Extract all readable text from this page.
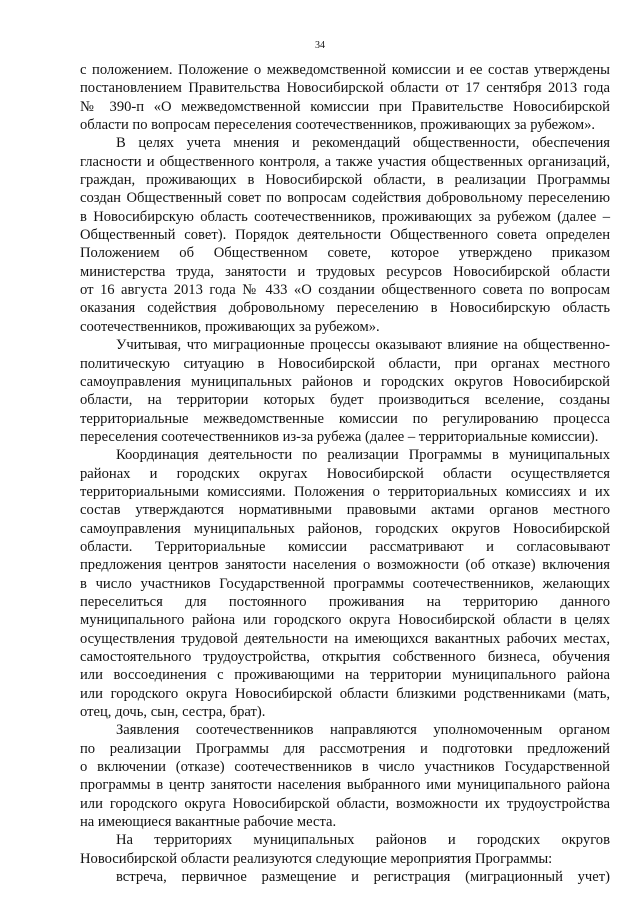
34
с положением. Положение о межведомственной комиссии и ее состав утверждены
постановлением Правительства Новосибирской области от 17 сентября 2013 года
№ 390-п «О межведомственной комиссии при Правительстве Новосибирской
области по вопросам переселения соотечественников, проживающих за рубежом».
В целях учета мнения и рекомендаций общественности, обеспечения
гласности и общественного контроля, а также участия общественных организаций,
граждан, проживающих в Новосибирской области, в реализации Программы
создан Общественный совет по вопросам содействия добровольному переселению
в Новосибирскую область соотечественников, проживающих за рубежом (далее –
Общественный совет). Порядок деятельности Общественного совета определен
Положением об Общественном совете, которое утверждено приказом
министерства труда, занятости и трудовых ресурсов Новосибирской области
от 16 августа 2013 года № 433 «О создании общественного совета по вопросам
оказания содействия добровольному переселению в Новосибирскую область
соотечественников, проживающих за рубежом».
Учитывая, что миграционные процессы оказывают влияние на общественно-
политическую ситуацию в Новосибирской области, при органах местного
самоуправления муниципальных районов и городских округов Новосибирской
области, на территории которых будет производиться вселение, созданы
территориальные межведомственные комиссии по регулированию процесса
переселения соотечественников из-за рубежа (далее – территориальные комиссии).
Координация деятельности по реализации Программы в муниципальных
районах и городских округах Новосибирской области осуществляется
территориальными комиссиями. Положения о территориальных комиссиях и их
состав утверждаются нормативными правовыми актами органов местного
самоуправления муниципальных районов, городских округов Новосибирской
области. Территориальные комиссии рассматривают и согласовывают
предложения центров занятости населения о возможности (об отказе) включения
в число участников Государственной программы соотечественников, желающих
переселиться для постоянного проживания на территорию данного
муниципального района или городского округа Новосибирской области в целях
осуществления трудовой деятельности на имеющихся вакантных рабочих местах,
самостоятельного трудоустройства, открытия собственного бизнеса, обучения
или воссоединения с проживающими на территории муниципального района
или городского округа Новосибирской области близкими родственниками (мать,
отец, дочь, сын, сестра, брат).
Заявления соотечественников направляются уполномоченным органом
по реализации Программы для рассмотрения и подготовки предложений
о включении (отказе) соотечественников в число участников Государственной
программы в центр занятости населения выбранного ими муниципального района
или городского округа Новосибирской области, возможности их трудоустройства
на имеющиеся вакантные рабочие места.
На территориях муниципальных районов и городских округов
Новосибирской области реализуются следующие мероприятия Программы:
встреча, первичное размещение и регистрация (миграционный учет)
